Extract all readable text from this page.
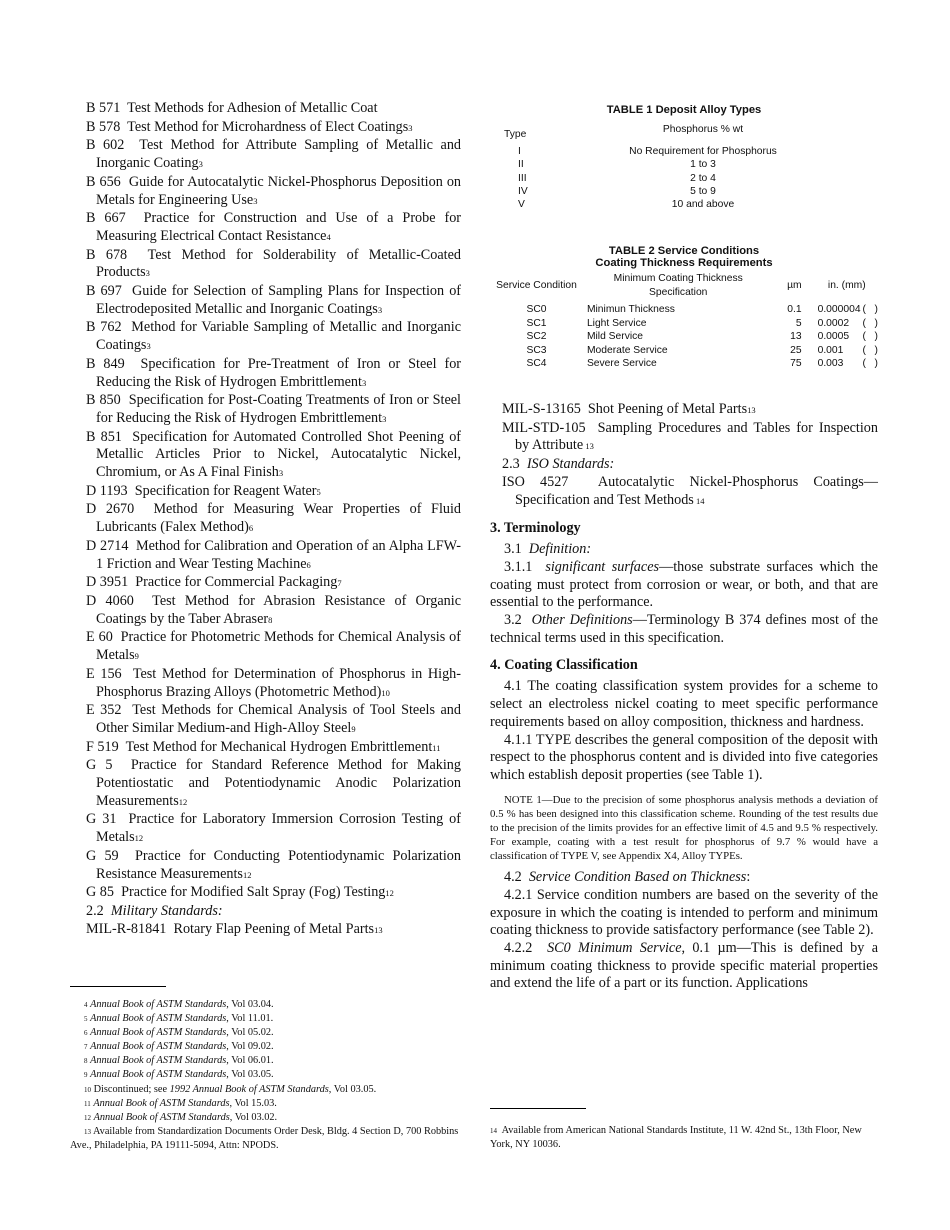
B 571 Test Methods for Adhesion of Metallic Coat
B 578 Test Method for Microhardness of Elect Coatings3
B 602 Test Method for Attribute Sampling of Metallic and Inorganic Coating3
B 656 Guide for Autocatalytic Nickel-Phosphorus Deposition on Metals for Engineering Use3
B 667 Practice for Construction and Use of a Probe for Measuring Electrical Contact Resistance4
B 678 Test Method for Solderability of Metallic-Coated Products3
B 697 Guide for Selection of Sampling Plans for Inspection of Electrodeposited Metallic and Inorganic Coatings3
B 762 Method for Variable Sampling of Metallic and Inorganic Coatings3
B 849 Specification for Pre-Treatment of Iron or Steel for Reducing the Risk of Hydrogen Embrittlement3
B 850 Specification for Post-Coating Treatments of Iron or Steel for Reducing the Risk of Hydrogen Embrittlement3
B 851 Specification for Automated Controlled Shot Peening of Metallic Articles Prior to Nickel, Autocatalytic Nickel, Chromium, or As A Final Finish3
D 1193 Specification for Reagent Water5
D 2670 Method for Measuring Wear Properties of Fluid Lubricants (Falex Method)6
D 2714 Method for Calibration and Operation of an Alpha LFW-1 Friction and Wear Testing Machine6
D 3951 Practice for Commercial Packaging7
D 4060 Test Method for Abrasion Resistance of Organic Coatings by the Taber Abraser8
E 60 Practice for Photometric Methods for Chemical Analysis of Metals9
E 156 Test Method for Determination of Phosphorus in High-Phosphorus Brazing Alloys (Photometric Method)10
E 352 Test Methods for Chemical Analysis of Tool Steels and Other Similar Medium-and High-Alloy Steel9
F 519 Test Method for Mechanical Hydrogen Embrittlement11
G 5 Practice for Standard Reference Method for Making Potentiostatic and Potentiodynamic Anodic Polarization Measurements12
G 31 Practice for Laboratory Immersion Corrosion Testing of Metals12
G 59 Practice for Conducting Potentiodynamic Polarization Resistance Measurements12
G 85 Practice for Modified Salt Spray (Fog) Testing12
2.2 Military Standards:
MIL-R-81841 Rotary Flap Peening of Metal Parts13
4 Annual Book of ASTM Standards, Vol 03.04.
5 Annual Book of ASTM Standards, Vol 11.01.
6 Annual Book of ASTM Standards, Vol 05.02.
7 Annual Book of ASTM Standards, Vol 09.02.
8 Annual Book of ASTM Standards, Vol 06.01.
9 Annual Book of ASTM Standards, Vol 03.05.
10 Discontinued; see 1992 Annual Book of ASTM Standards, Vol 03.05.
11 Annual Book of ASTM Standards, Vol 15.03.
12 Annual Book of ASTM Standards, Vol 03.02.
13 Available from Standardization Documents Order Desk, Bldg. 4 Section D, 700 Robbins Ave., Philadelphia, PA 19111-5094, Attn: NPODS.
TABLE 1 Deposit Alloy Types
Type	Phosphorus % wt
I	No Requirement for Phosphorus
II	1 to 3
III	2 to 4
IV	5 to 9
V	10 and above
TABLE 2 Service Conditions
Coating Thickness Requirements
Service Condition	Minimum Coating Thickness Specification	µm	in. (mm)	
SC0	Minimun Thickness	0.1	0.000004	(   )
SC1	Light Service	5	0.0002	(   )
SC2	Mild Service	13	0.0005	(   )
SC3	Moderate Service	25	0.001	(   )
SC4	Severe Service	75	0.003	(   )
MIL-S-13165 Shot Peening of Metal Parts13
MIL-STD-105 Sampling Procedures and Tables for Inspection by Attribute 13
2.3 ISO Standards:
ISO 4527 Autocatalytic Nickel-Phosphorus Coatings—Specification and Test Methods 14
3. Terminology

3.1 Definition:

3.1.1 significant surfaces—those substrate surfaces which the coating must protect from corrosion or wear, or both, and that are essential to the performance.

3.2 Other Definitions—Terminology B 374 defines most of the technical terms used in this specification.

4. Coating Classification

4.1 The coating classification system provides for a scheme to select an electroless nickel coating to meet specific performance requirements based on alloy composition, thickness and hardness.

4.1.1 TYPE describes the general composition of the deposit with respect to the phosphorus content and is divided into five categories which establish deposit properties (see Table 1).

NOTE 1—Due to the precision of some phosphorus analysis methods a deviation of 0.5 % has been designed into this classification scheme. Rounding of the test results due to the precision of the limits provides for an effective limit of 4.5 and 9.5 % respectively. For example, coating with a test result for phosphorus of 9.7 % would have a classification of TYPE V, see Appendix X4, Alloy TYPEs.

4.2 Service Condition Based on Thickness:

4.2.1 Service condition numbers are based on the severity of the exposure in which the coating is intended to perform and minimum coating thickness to provide satisfactory performance (see Table 2).

4.2.2 SC0 Minimum Service, 0.1 µm—This is defined by a minimum coating thickness to provide specific material properties and extend the life of a part or its function. Applications

14 Available from American National Standards Institute, 11 W. 42nd St., 13th Floor, New York, NY 10036.
